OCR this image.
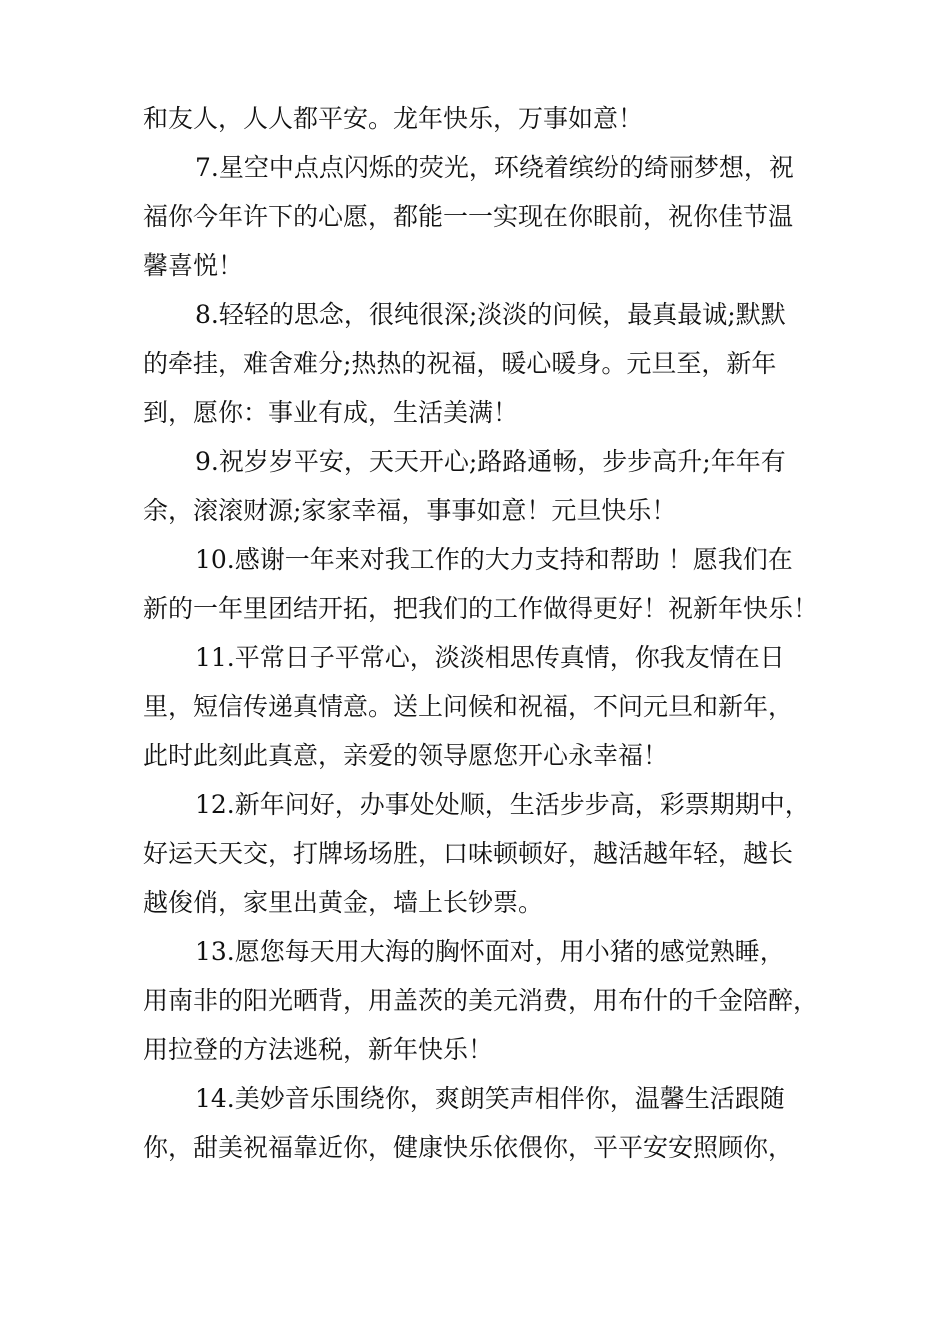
和友人，人人都平安。龙年快乐，万事如意！
7.星空中点点闪烁的荧光，环绕着缤纷的绮丽梦想，祝
福你今年许下的心愿，都能一一实现在你眼前，祝你佳节温
馨喜悦！
8.轻轻的思念，很纯很深;淡淡的问候，最真最诚;默默
的牵挂，难舍难分;热热的祝福，暖心暖身。元旦至，新年
到，愿你：事业有成，生活美满！
9.祝岁岁平安，天天开心;路路通畅，步步高升;年年有
余，滚滚财源;家家幸福，事事如意！元旦快乐！
10.感谢一年来对我工作的大力支持和帮助 ！愿我们在
新的一年里团结开拓，把我们的工作做得更好！祝新年快乐！
11.平常日子平常心，淡淡相思传真情，你我友情在日
里，短信传递真情意。送上问候和祝福，不问元旦和新年，
此时此刻此真意，亲爱的领导愿您开心永幸福！
12.新年问好，办事处处顺，生活步步高，彩票期期中，
好运天天交，打牌场场胜，口味顿顿好，越活越年轻，越长
越俊俏，家里出黄金，墙上长钞票。
13.愿您每天用大海的胸怀面对，用小猪的感觉熟睡，
用南非的阳光晒背，用盖茨的美元消费，用布什的千金陪醉，
用拉登的方法逃税，新年快乐！
14.美妙音乐围绕你，爽朗笑声相伴你，温馨生活跟随
你，甜美祝福靠近你，健康快乐依偎你，平平安安照顾你，
